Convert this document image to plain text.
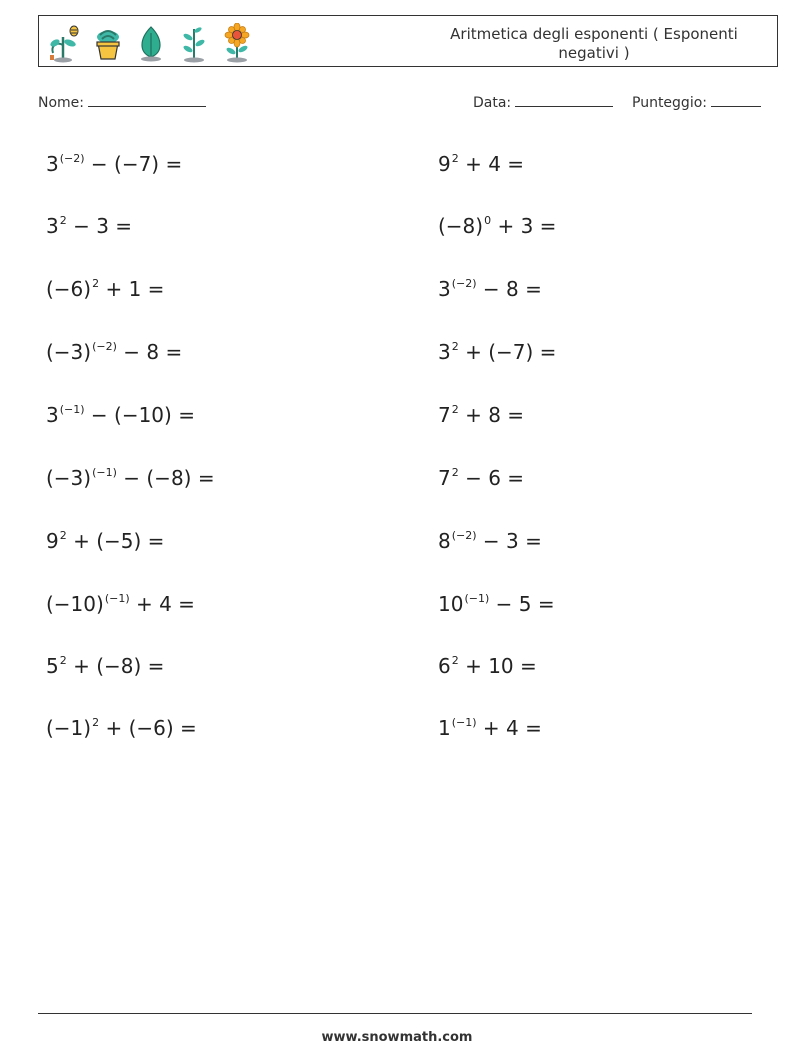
Aritmetica degli esponenti ( Esponenti negativi )
Nome:	Data:	Punteggio:
$3^{(-2)} - (-7)$ =	$9^2 + 4$ =
$3^2 - 3$ =	$(-8)^0 + 3$ =
$(-6)^2 + 1$ =	$3^{(-2)} - 8$ =
$(-3)^{(-2)} - 8$ =	$3^2 + (-7)$ =
$3^{(-1)} - (-10)$ =	$7^2 + 8$ =
$(-3)^{(-1)} - (-8)$ =	$7^2 - 6$ =
$9^2 + (-5)$ =	$8^{(-2)} - 3$ =
$(-10)^{(-1)} + 4$ =	$10^{(-1)} - 5$ =
$5^2 + (-8)$ =	$6^2 + 10$ =
$(-1)^2 + (-6)$ =	$1^{(-1)} + 4$ =
www.snowmath.com
